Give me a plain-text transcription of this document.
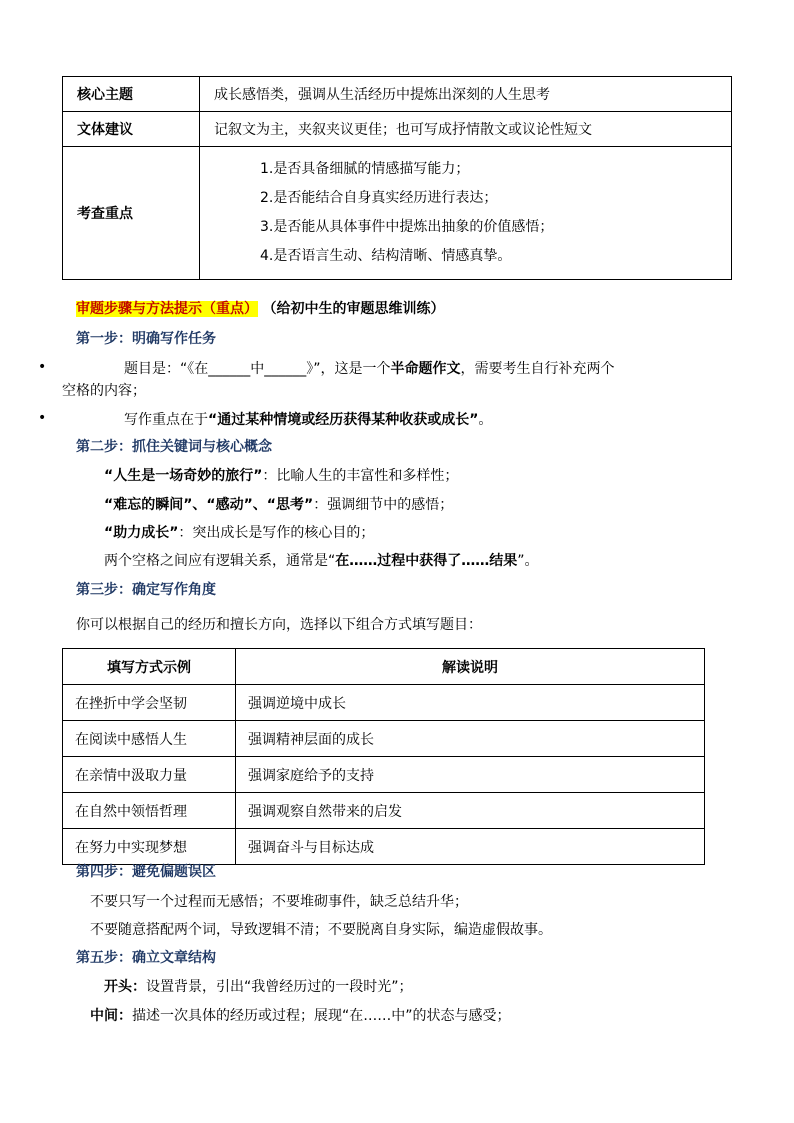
核心主题	成长感悟类，强调从生活经历中提炼出深刻的人生思考
文体建议	记叙文为主，夹叙夹议更佳；也可写成抒情散文或议论性短文
考查重点	1.是否具备细腻的情感描写能力；
2.是否能结合自身真实经历进行表达；
3.是否能从具体事件中提炼出抽象的价值感悟；
4.是否语言生动、结构清晰、情感真挚。
审题步骤与方法提示（重点） （给初中生的审题思维训练）
第一步：明确写作任务
•	题目是：“《在______中______》”，这是一个半命题作文，需要考生自行补充两个
空格的内容；
•	写作重点在于“通过某种情境或经历获得某种收获或成长”。
第二步：抓住关键词与核心概念
“人生是一场奇妙的旅行”：比喻人生的丰富性和多样性；
“难忘的瞬间”、“感动”、“思考”：强调细节中的感悟；
“助力成长”：突出成长是写作的核心目的；
两个空格之间应有逻辑关系，通常是“在……过程中获得了……结果”。
第三步：确定写作角度
你可以根据自己的经历和擅长方向，选择以下组合方式填写题目：
填写方式示例	解读说明
在挫折中学会坚韧	强调逆境中成长
在阅读中感悟人生	强调精神层面的成长
在亲情中汲取力量	强调家庭给予的支持
在自然中领悟哲理	强调观察自然带来的启发
在努力中实现梦想	强调奋斗与目标达成
第四步：避免偏题误区
不要只写一个过程而无感悟；不要堆砌事件，缺乏总结升华；
不要随意搭配两个词，导致逻辑不清；不要脱离自身实际，编造虚假故事。
第五步：确立文章结构
开头：设置背景，引出“我曾经历过的一段时光”；
中间：描述一次具体的经历或过程；展现“在……中”的状态与感受；
